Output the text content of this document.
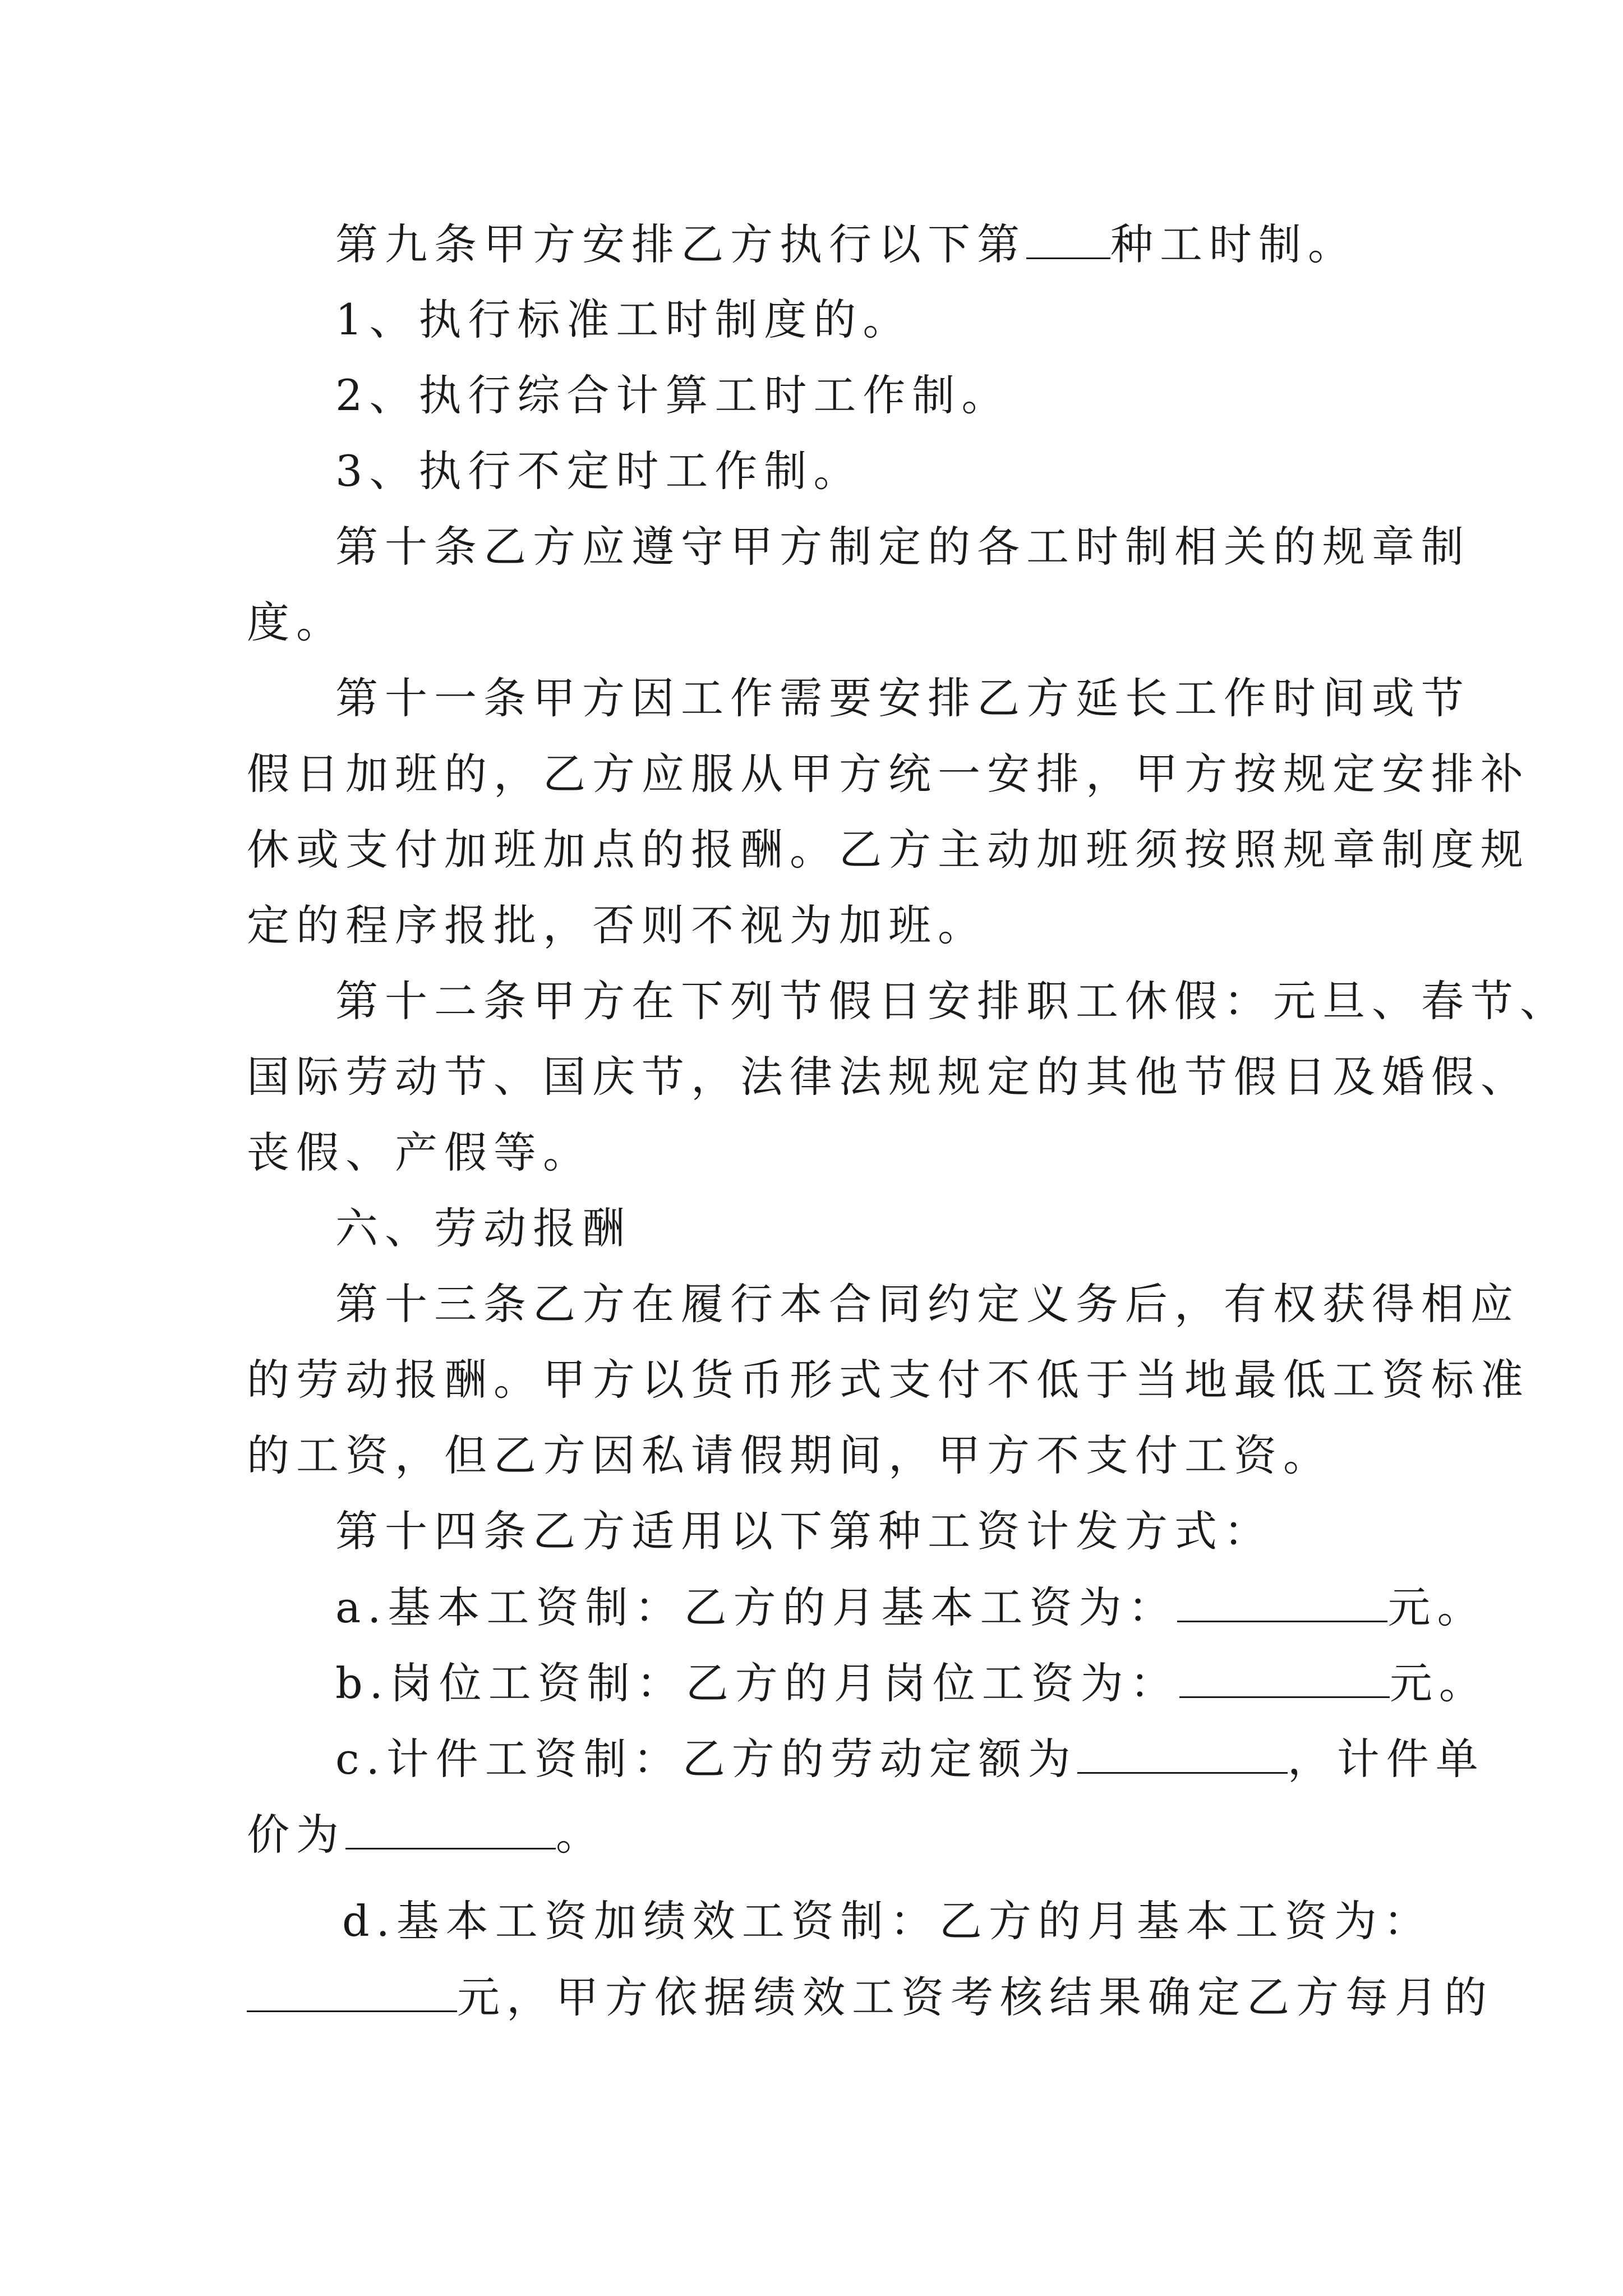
第九条甲方安排乙方执行以下第 种工时制。
1、执行标准工时制度的。
2、执行综合计算工时工作制。
3、执行不定时工作制。
第十条乙方应遵守甲方制定的各工时制相关的规章制
度。
第十一条甲方因工作需要安排乙方延长工作时间或节
假日加班的，乙方应服从甲方统一安排，甲方按规定安排补
休或支付加班加点的报酬。乙方主动加班须按照规章制度规
定的程序报批，否则不视为加班。
第十二条甲方在下列节假日安排职工休假：元旦、春节、
国际劳动节、国庆节，法律法规规定的其他节假日及婚假、
丧假、产假等。
六、劳动报酬
第十三条乙方在履行本合同约定义务后，有权获得相应
的劳动报酬。甲方以货币形式支付不低于当地最低工资标准
的工资，但乙方因私请假期间，甲方不支付工资。
第十四条乙方适用以下第种工资计发方式：
a.基本工资制：乙方的月基本工资为：	元。
b.岗位工资制：乙方的月岗位工资为：	元。
c.计件工资制：乙方的劳动定额为	，计件单
价为	。
d.基本工资加绩效工资制：乙方的月基本工资为：
元，甲方依据绩效工资考核结果确定乙方每月的
